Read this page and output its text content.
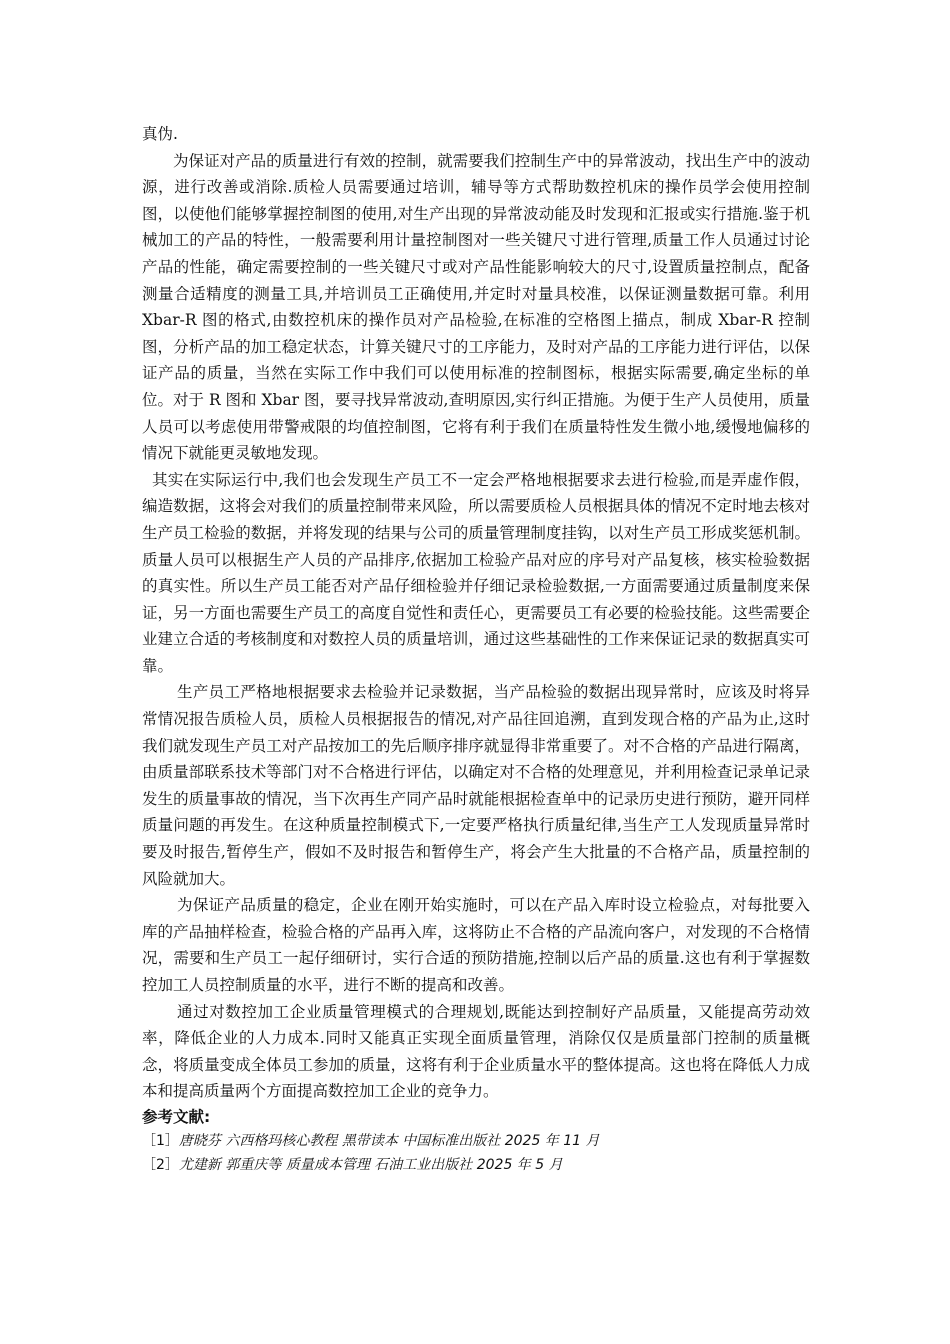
真伪.

为保证对产品的质量进行有效的控制，就需要我们控制生产中的异常波动，找出生产中的波动源，进行改善或消除.质检人员需要通过培训，辅导等方式帮助数控机床的操作员学会使用控制图，以使他们能够掌握控制图的使用,对生产出现的异常波动能及时发现和汇报或实行措施.鉴于机械加工的产品的特性，一般需要利用计量控制图对一些关键尺寸进行管理,质量工作人员通过讨论产品的性能，确定需要控制的一些关键尺寸或对产品性能影响较大的尺寸,设置质量控制点，配备测量合适精度的测量工具,并培训员工正确使用,并定时对量具校准，以保证测量数据可靠。利用 Xbar-R 图的格式,由数控机床的操作员对产品检验,在标准的空格图上描点，制成 Xbar-R 控制图，分析产品的加工稳定状态，计算关键尺寸的工序能力，及时对产品的工序能力进行评估，以保证产品的质量，当然在实际工作中我们可以使用标准的控制图标，根据实际需要,确定坐标的单位。对于 R 图和 Xbar 图，要寻找异常波动,查明原因,实行纠正措施。为便于生产人员使用，质量人员可以考虑使用带警戒限的均值控制图，它将有利于我们在质量特性发生微小地,缓慢地偏移的情况下就能更灵敏地发现。

其实在实际运行中,我们也会发现生产员工不一定会严格地根据要求去进行检验,而是弄虚作假，编造数据，这将会对我们的质量控制带来风险，所以需要质检人员根据具体的情况不定时地去核对生产员工检验的数据，并将发现的结果与公司的质量管理制度挂钩，以对生产员工形成奖惩机制。质量人员可以根据生产人员的产品排序,依据加工检验产品对应的序号对产品复核，核实检验数据的真实性。所以生产员工能否对产品仔细检验并仔细记录检验数据,一方面需要通过质量制度来保证，另一方面也需要生产员工的高度自觉性和责任心，更需要员工有必要的检验技能。这些需要企业建立合适的考核制度和对数控人员的质量培训，通过这些基础性的工作来保证记录的数据真实可靠。

生产员工严格地根据要求去检验并记录数据，当产品检验的数据出现异常时，应该及时将异常情况报告质检人员，质检人员根据报告的情况,对产品往回追溯，直到发现合格的产品为止,这时我们就发现生产员工对产品按加工的先后顺序排序就显得非常重要了。对不合格的产品进行隔离，由质量部联系技术等部门对不合格进行评估，以确定对不合格的处理意见，并利用检查记录单记录发生的质量事故的情况，当下次再生产同产品时就能根据检查单中的记录历史进行预防，避开同样质量问题的再发生。在这种质量控制模式下,一定要严格执行质量纪律,当生产工人发现质量异常时要及时报告,暂停生产，假如不及时报告和暂停生产，将会产生大批量的不合格产品，质量控制的风险就加大。

为保证产品质量的稳定，企业在刚开始实施时，可以在产品入库时设立检验点，对每批要入库的产品抽样检查，检验合格的产品再入库，这将防止不合格的产品流向客户，对发现的不合格情况，需要和生产员工一起仔细研讨，实行合适的预防措施,控制以后产品的质量.这也有利于掌握数控加工人员控制质量的水平，进行不断的提高和改善。

通过对数控加工企业质量管理模式的合理规划,既能达到控制好产品质量，又能提高劳动效率，降低企业的人力成本.同时又能真正实现全面质量管理，消除仅仅是质量部门控制的质量概念，将质量变成全体员工参加的质量，这将有利于企业质量水平的整体提高。这也将在降低人力成本和提高质量两个方面提高数控加工企业的竞争力。

参考文献:

［1］唐晓芬 六西格玛核心教程 黑带读本 中国标准出版社 2025 年 11 月

［2］尤建新 郭重庆等 质量成本管理 石油工业出版社 2025 年 5 月
